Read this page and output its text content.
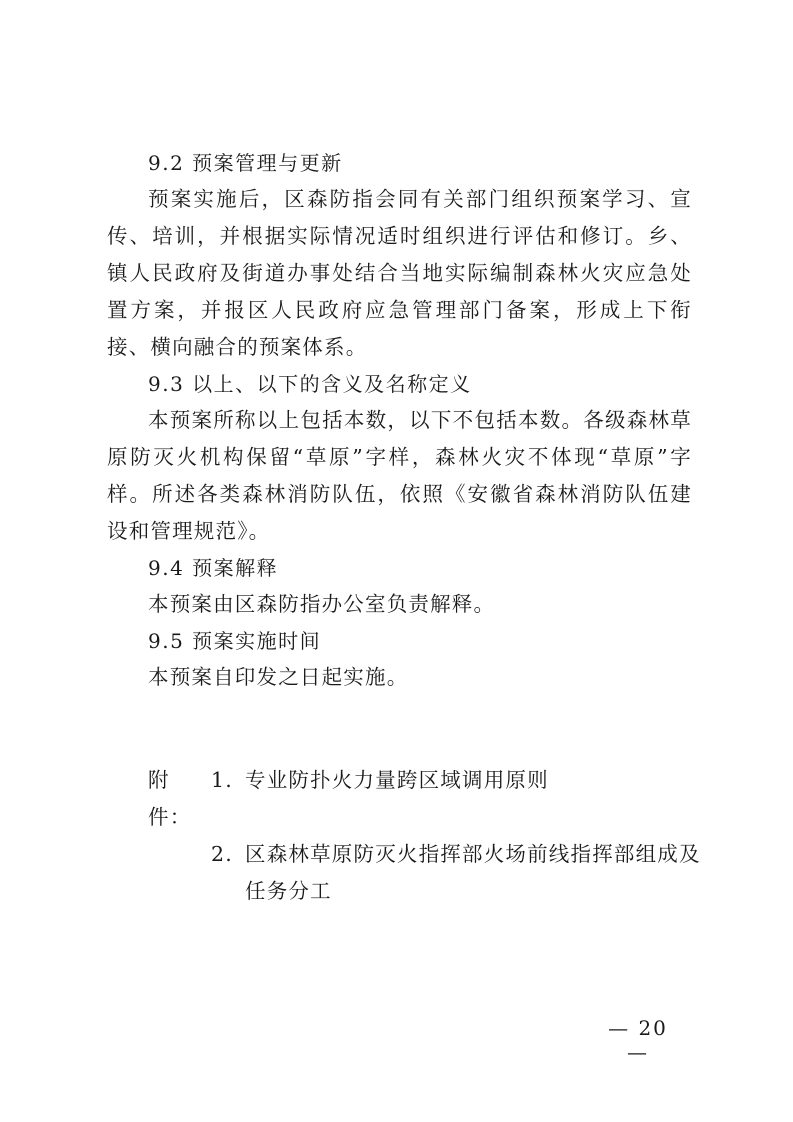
9.2 预案管理与更新

预案实施后，区森防指会同有关部门组织预案学习、宣传、培训，并根据实际情况适时组织进行评估和修订。乡、镇人民政府及街道办事处结合当地实际编制森林火灾应急处置方案，并报区人民政府应急管理部门备案，形成上下衔接、横向融合的预案体系。

9.3 以上、以下的含义及名称定义

本预案所称以上包括本数，以下不包括本数。各级森林草原防灭火机构保留“草原”字样，森林火灾不体现“草原”字样。所述各类森林消防队伍，依照《安徽省森林消防队伍建设和管理规范》。

9.4 预案解释

本预案由区森防指办公室负责解释。

9.5 预案实施时间

本预案自印发之日起实施。

附件：
1. 专业防扑火力量跨区域调用原则
2. 区森林草原防灭火指挥部火场前线指挥部组成及任务分工
— 20 —
